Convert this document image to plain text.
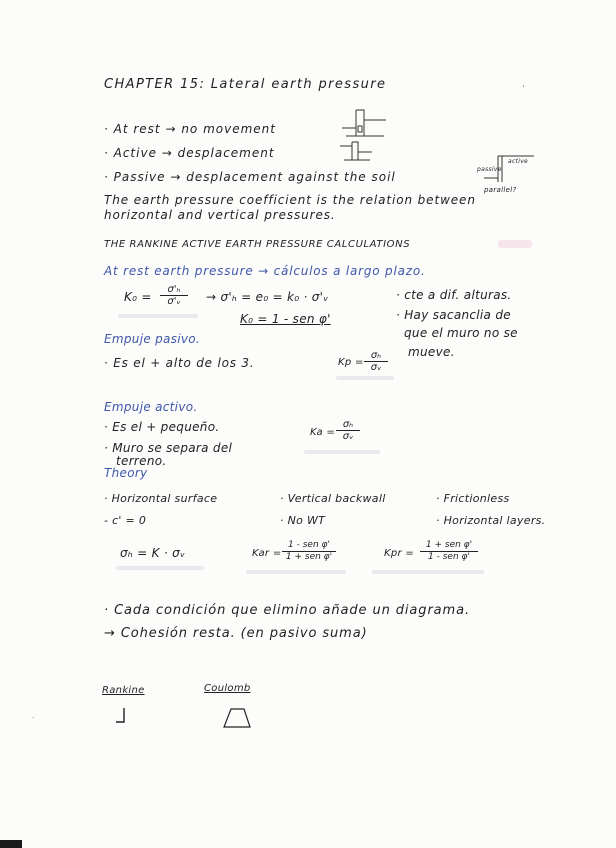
CHAPTER 15: Lateral earth pressure	·
· At rest → no movement
· Active → desplacement
· Passive → desplacement against the soil
passive
active
parallel?
The earth pressure coefficient is the relation between
horizontal and vertical pressures.
THE RANKINE ACTIVE EARTH PRESSURE CALCULATIONS
At rest earth pressure → cálculos a largo plazo.
$K_0 = \frac{\text{σ'ₕ}}{\text{σ'ᵥ}} \to \sigma'_h = e_0 = k_0$ · σ'ᵥ
K₀ = 1 - sen φ'
· cte a dif. alturas.
· Hay sacanclia de
que el muro no se
mueve.
Empuje pasivo.
· Es el + alto de los 3.	$Kp = \frac{\text{σₕ}}{\text{σᵥ}}$
Empuje activo.
· Es el + pequeño.
· Muro se separa del
terreno.
$Ka = \frac{\text{σₕ}}{\text{σᵥ}}$
Theory
· Horizontal surface	· Vertical backwall	· Frictionless
- c' = 0	· No WT	· Horizontal layers.
σₕ = K · σᵥ	Kar =
1 - sen φ'
1 + sen φ'	Kpr =
1 + sen φ'
1 - sen φ'
· Cada condición que elimino añade un diagrama.
→ Cohesión resta. (en pasivo suma)
Rankine	Coulomb
·
